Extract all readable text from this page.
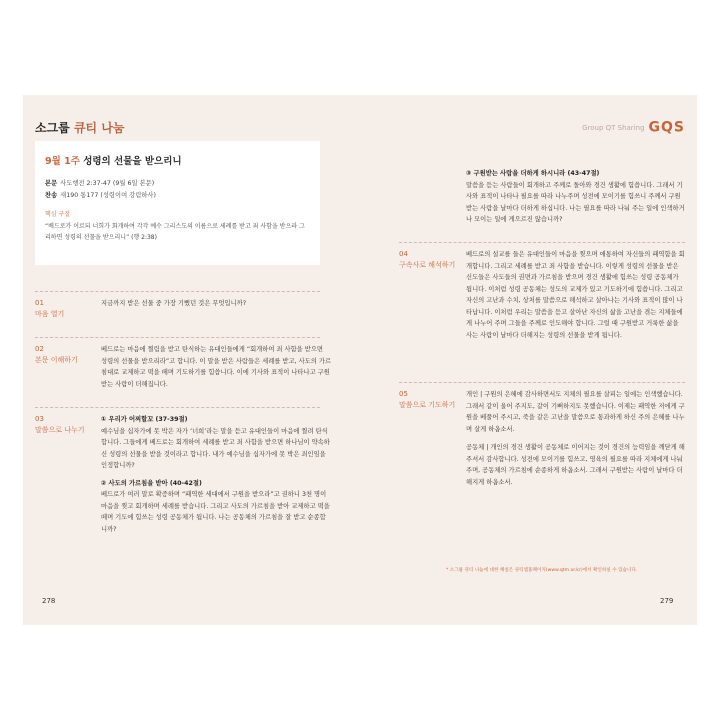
소그룹 큐티 나눔
9월 1주 성령의 선물을 받으리니
본문 사도행전 2:37-47 (9월 6일 본문)
찬송 새190 통177 (성령이여 강림하사)
핵심 구절
“베드로가 이르되 너희가 회개하여 각각 예수 그리스도의 이름으로 세례를 받고 죄 사함을 받으라 그리하면 성령의 선물을 받으리니” (행 2:38)
01
마음 열기

지금까지 받은 선물 중 가장 기뻤던 것은 무엇입니까?

02
본문 이해하기

베드로는 마음에 찔림을 받고 탄식하는 유대인들에게 “회개하여 죄 사함을 받으면 성령의 선물을 받으리라”고 합니다. 이 말을 받은 사람들은 세례를 받고, 사도의 가르침대로 교제하고 떡을 떼며 기도하기를 힘씁니다. 이에 기사와 표적이 나타나고 구원받는 사람이 더해집니다.

03
말씀으로 나누기

① 우리가 어찌할꼬 (37-39절)

예수님을 십자가에 못 박은 자가 ‘너희’라는 말을 듣고 유대인들이 마음에 찔려 탄식합니다. 그들에게 베드로는 회개하여 세례를 받고 죄 사함을 받으면 하나님이 약속하신 성령의 선물을 받을 것이라고 합니다. 내가 예수님을 십자가에 못 박은 죄인임을 인정합니까?

② 사도의 가르침을 받아 (40-42절)

베드로가 여러 말로 확증하며 “패역한 세대에서 구원을 받으라”고 권하니 3천 명이 마음을 찢고 회개하며 세례를 받습니다. 그리고 사도의 가르침을 받아 교제하고 떡을 떼며 기도에 힘쓰는 성령 공동체가 됩니다. 나는 공동체의 가르침을 잘 받고 순종합니까?

278
Group QT Sharing GQS

③ 구원받는 사람을 더하게 하시니라 (43-47절)

말씀을 듣는 사람들이 회개하고 주께로 돌아와 경건 생활에 힘씁니다. 그래서 기사와 표적이 나타나 필요를 따라 나누주며 성전에 모이기를 힘쓰니 주께서 구원받는 사람을 날마다 더하게 하십니다. 나는 필요를 따라 나눠 주는 일에 인색하거나 모이는 일에 게으르진 않습니까?

04
구속사로 해석하기

베드로의 설교를 들은 유대인들이 마음을 찢으며 애통하여 자신들의 패역함을 회개합니다. 그리고 세례를 받고 죄 사함을 받습니다. 이렇게 성령의 선물을 받은 신도들은 사도들의 권면과 가르침을 받으며 경건 생활에 힘쓰는 성령 공동체가 됩니다. 이처럼 성령 공동체는 성도의 교제가 있고 기도하기에 힘씁니다. 그리고 자신의 고난과 수치, 상처를 말씀으로 해석하고 살아나는 기사와 표적이 많이 나타납니다. 이처럼 우리는 말씀을 듣고 살아난 자신의 삶을 고난을 겪는 지체들에게 나누어 주며 그들을 주께로 인도해야 합니다. 그럴 때 구원받고 거룩한 삶을 사는 사람이 날마다 더해지는 성령의 선물을 받게 됩니다.

05
말씀으로 기도하기

개인 | 구원의 은혜에 감사하면서도 지체의 필요를 살피는 일에는 인색했습니다. 그래서 같이 울어 주지도, 같이 기뻐하지도 못했습니다. 이제는 패역한 저에게 구원을 베풀어 주시고, 죽을 같은 고난을 말씀으로 통과하게 하신 주의 은혜를 나누며 살게 하옵소서.

공동체 | 개인의 경건 생활이 공동체로 이어지는 것이 경건의 능력임을 깨닫게 해 주셔서 감사합니다. 성전에 모이기를 힘쓰고, 영육의 필요를 따라 지체에게 나눠 주며, 공동체의 가르침에 순종하게 하옵소서. 그래서 구원받는 사람이 날마다 더해지게 하옵소서.

* 소그룹 큐티 나눔에 대한 해설은 큐티엠홈페이지(www.qtm.or.kr)에서 확인하실 수 있습니다.
279
